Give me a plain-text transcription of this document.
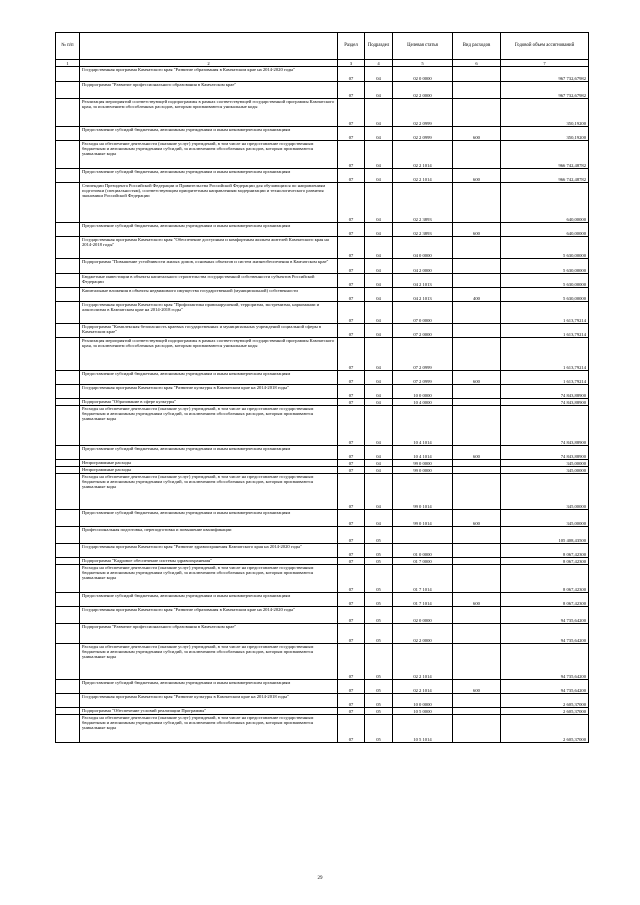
№ п/п		Раздел	Подраздел	Целевая статья	Вид расходов	Годовой объем ассигнований
1	2	3	4	5	6	7
	Государственная программа Камчатского края "Развитие образования в Камчатском крае на 2014-2020 годы"	07	04	02 0 0000		967 732,67982
	Подпрограмма "Развитие профессионального образования в Камчатском крае"	07	04	02 2 0000		967 732,67982
	Реализация мероприятий соответствующей подпрограммы в рамках соответствующей государственной программы Камчатского края, за исключением обособленных расходов, которым присваиваются уникальные коды	07	04	02 2 0999		350,19200
	Предоставление субсидий бюджетным, автономным учреждениям и иным некоммерческим организациям	07	04	02 2 0999	600	350,19200
	Расходы на обеспечение деятельности (оказание услуг) учреждений, в том числе на предоставление государственным бюджетным и автономным учреждениям субсидий, за исключением обособленных расходов, которым присваиваются уникальные коды	07	04	02 2 1014		966 742,48782
	Предоставление субсидий бюджетным, автономным учреждениям и иным некоммерческим организациям	07	04	02 2 1014	600	966 742,48782
	Стипендии Президента Российской Федерации и Правительства Российской Федерации для обучающихся по направлениям подготовки (специальностям), соответствующим приоритетным направлениям модернизации и технологического развития экономики Российской Федерации	07	04	02 2 3893		640,00000
	Предоставление субсидий бюджетным, автономным учреждениям и иным некоммерческим организациям	07	04	02 2 3893	600	640,00000
	Государственная программа Камчатского края "Обеспечение доступным и комфортным жильем жителей Камчатского края на 2014-2018 годы"	07	04	04 0 0000		5 630,00000
	Подпрограмма "Повышение устойчивости жилых домов, основных объектов и систем жизнеобеспечения в Камчатском крае"	07	04	04 2 0000		5 630,00000
	Бюджетные инвестиции в объекты капитального строительства государственной собственности субъектов Российской Федерации	07	04	04 2 1013		5 630,00000
	Капитальные вложения в объекты недвижимого имущества государственной (муниципальной) собственности	07	04	04 2 1013	400	5 630,00000
	Государственная программа Камчатского края "Профилактика правонарушений, терроризма, экстремизма, наркомании и алкоголизма в Камчатском крае на 2014-2018 годы"	07	04	07 0 0000		1 613,79214
	Подпрограмма "Комплексная безопасность краевых государственных и муниципальных учреждений социальной сферы в Камчатском крае"	07	04	07 2 0000		1 613,79214
	Реализация мероприятий соответствующей подпрограммы в рамках соответствующей государственной программы Камчатского края, за исключением обособленных расходов, которым присваиваются уникальные коды	07	04	07 2 0999		1 613,79214
	Предоставление субсидий бюджетным, автономным учреждениям и иным некоммерческим организациям	07	04	07 2 0999	600	1 613,79214
	Государственная программа Камчатского края "Развитие культуры в Камчатском крае на 2014-2018 годы"	07	04	10 0 0000		74 843,88900
	Подпрограмма "Образование в сфере культуры"	07	04	10 4 0000		74 843,88900
	Расходы на обеспечение деятельности (оказание услуг) учреждений, в том числе на предоставление государственным бюджетным и автономным учреждениям субсидий, за исключением обособленных расходов, которым присваиваются уникальные коды	07	04	10 4 1014		74 843,88900
	Предоставление субсидий бюджетным, автономным учреждениям и иным некоммерческим организациям	07	04	10 4 1014	600	74 843,88900
	Непрограммные расходы	07	04	99 0 0000		345,00000
	Непрограммные расходы	07	04	99 0 0000		345,00000
	Расходы на обеспечение деятельности (оказание услуг) учреждений, в том числе на предоставление государственным бюджетным и автономным учреждениям субсидий, за исключением обособленных расходов, которым присваиваются уникальные коды	07	04	99 0 1014		345,00000
	Предоставление субсидий бюджетным, автономным учреждениям и иным некоммерческим организациям	07	04	99 0 1014	600	345,00000
	Профессиональная подготовка, переподготовка и повышение квалификации	07	05			105 408,43500
	Государственная программа Камчатского края "Развитие здравоохранения Камчатского края на 2014-2020 годы"	07	05	01 0 0000		8 067,42300
	Подпрограмма "Кадровое обеспечение системы здравоохранения"	07	05	01 7 0000		8 067,42300
	Расходы на обеспечение деятельности (оказание услуг) учреждений, в том числе на предоставление государственным бюджетным и автономным учреждениям субсидий, за исключением обособленных расходов, которым присваиваются уникальные коды	07	05	01 7 1014		8 067,42300
	Предоставление субсидий бюджетным, автономным учреждениям и иным некоммерческим организациям	07	05	01 7 1014	600	8 067,42300
	Государственная программа Камчатского края "Развитие образования в Камчатском крае на 2014-2020 годы"	07	05	02 0 0000		94 735,64200
	Подпрограмма "Развитие профессионального образования в Камчатском крае"	07	05	02 2 0000		94 735,64200
	Расходы на обеспечение деятельности (оказание услуг) учреждений, в том числе на предоставление государственным бюджетным и автономным учреждениям субсидий, за исключением обособленных расходов, которым присваиваются уникальные коды	07	05	02 2 1014		94 735,64200
	Предоставление субсидий бюджетным, автономным учреждениям и иным некоммерческим организациям	07	05	02 2 1014	600	94 735,64200
	Государственная программа Камчатского края "Развитие культуры в Камчатском крае на 2014-2018 годы"	07	05	10 0 0000		2 605,37000
	Подпрограмма "Обеспечение условий реализации Программы"	07	05	10 5 0000		2 605,37000
	Расходы на обеспечение деятельности (оказание услуг) учреждений, в том числе на предоставление государственным бюджетным и автономным учреждениям субсидий, за исключением обособленных расходов, которым присваиваются уникальные коды	07	05	10 5 1014		2 605,37000
29
